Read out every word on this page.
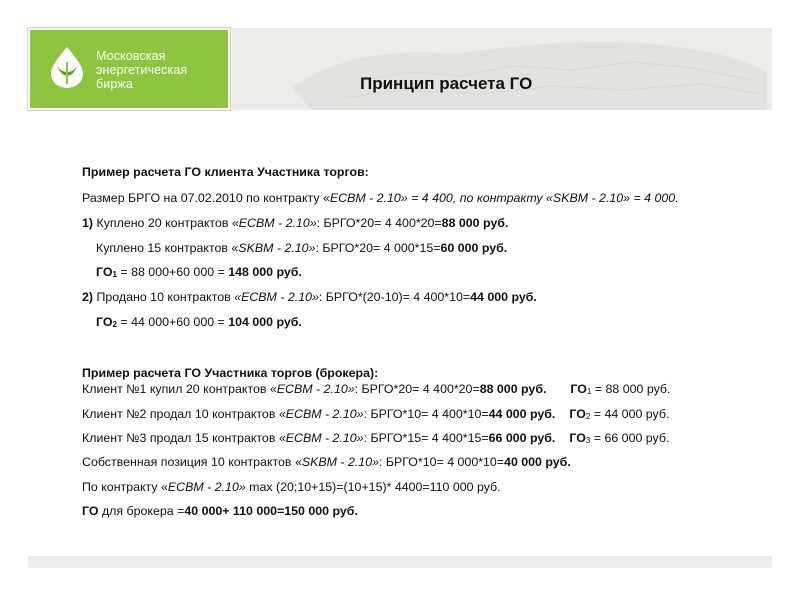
Московская
энергетическая
биржа	Принцип расчета ГО
Пример расчета ГО клиента Участника торгов:
Размер БРГО на 07.02.2010 по контракту «ЕСВМ - 2.10» = 4 400, по контракту «SKBM - 2.10» = 4 000.
1) Куплено 20 контрактов «ЕСВМ - 2.10»: БРГО*20= 4 400*20=88 000 руб.
Куплено 15 контрактов «SKBM - 2.10»: БРГО*20= 4 000*15=60 000 руб.
$ГО_1 = 88$ 000+60 000 = 148 000 руб.
2) Продано 10 контрактов «ЕСВМ - 2.10»: БРГО*(20-10)= 4 400*10=44 000 руб.
$ГО_2 = 44$ 000+60 000 = 104 000 руб.
Пример расчета ГО Участника торгов (брокера):
Клиент №1 купил 20 контрактов «ЕСВМ - 2.10»: БРГО*20= 4 400*20=88 000 руб. $ГО_1 = 88$ 000 руб.
Клиент №2 продал 10 контрактов «ЕСВМ - 2.10»: БРГО*10= 4 400*10=44 000 руб. $ГО_2 = 44$ 000 руб.
Клиент №3 продал 15 контрактов «ЕСВМ - 2.10»: БРГО*15= 4 400*15=66 000 руб. $ГО_3 = 66$ 000 руб.
Собственная позиция 10 контрактов «SKBM - 2.10»: БРГО*10= 4 000*10=40 000 руб.
По контракту «ЕСВМ - 2.10» max (20;10+15)=(10+15)* 4400=110 000 руб.
ГО для брокера =40 000+ 110 000=150 000 руб.
